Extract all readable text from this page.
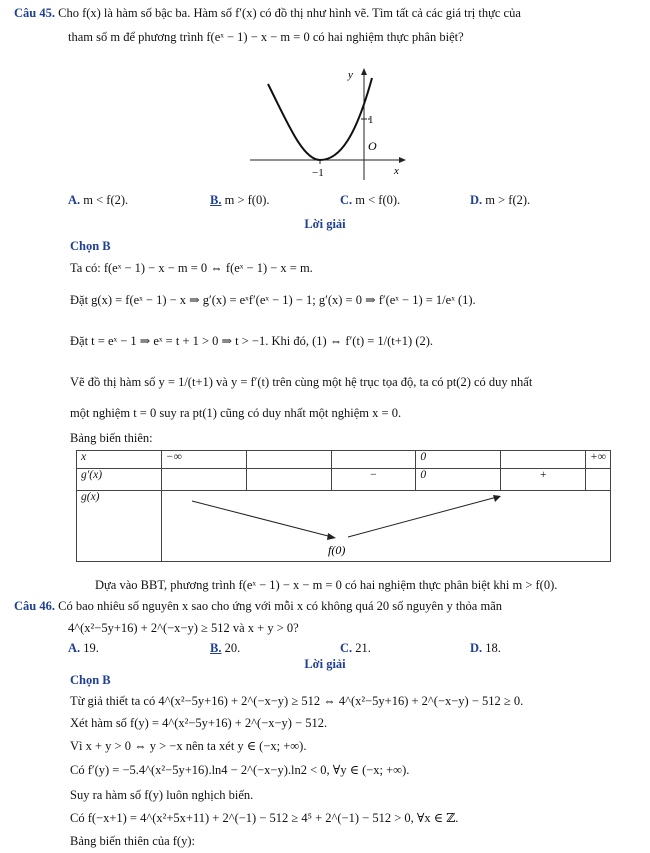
Câu 45. Cho f(x) là hàm số bậc ba. Hàm số f′(x) có đồ thị như hình vẽ. Tìm tất cả các giá trị thực của
tham số m để phương trình f(eˣ − 1) − x − m = 0 có hai nghiệm thực phân biệt?
y
x
O
−1
1
A. m < f(2).	B. m > f(0).	C. m < f(0).	D. m > f(2).
Lời giải
Chọn B
Ta có: f(eˣ − 1) − x − m = 0 ⇔ f(eˣ − 1) − x = m.
Đặt g(x) = f(eˣ − 1) − x ⇒ g′(x) = eˣf′(eˣ − 1) − 1; g′(x) = 0 ⇒ f′(eˣ − 1) = 1/eˣ (1).
Đặt t = eˣ − 1 ⇒ eˣ = t + 1 > 0 ⇒ t > −1. Khi đó, (1) ⇔ f′(t) = 1/(t+1) (2).
Vẽ đồ thị hàm số y = 1/(t+1) và y = f′(t) trên cùng một hệ trục tọa độ, ta có pt(2) có duy nhất
một nghiệm t = 0 suy ra pt(1) cũng có duy nhất một nghiệm x = 0.
Bảng biến thiên:
x	−∞			0		+∞
g′(x)			−	0	+	
g(x)	f(0)					
Dựa vào BBT, phương trình f(eˣ − 1) − x − m = 0 có hai nghiệm thực phân biệt khi m > f(0).
Câu 46. Có bao nhiêu số nguyên x sao cho ứng với mỗi x có không quá 20 số nguyên y thỏa mãn
4^(x²−5y+16) + 2^(−x−y) ≥ 512 và x + y > 0?
A. 19.	B. 20.	C. 21.	D. 18.
Lời giải
Chọn B
Từ giả thiết ta có 4^(x²−5y+16) + 2^(−x−y) ≥ 512 ⇔ 4^(x²−5y+16) + 2^(−x−y) − 512 ≥ 0.
Xét hàm số f(y) = 4^(x²−5y+16) + 2^(−x−y) − 512.
Vì x + y > 0 ⇔ y > −x nên ta xét y ∈ (−x; +∞).
Có f′(y) = −5.4^(x²−5y+16).ln4 − 2^(−x−y).ln2 < 0, ∀y ∈ (−x; +∞).
Suy ra hàm số f(y) luôn nghịch biến.
Có f(−x+1) = 4^(x²+5x+11) + 2^(−1) − 512 ≥ 4⁵ + 2^(−1) − 512 > 0, ∀x ∈ ℤ.
Bảng biến thiên của f(y):
